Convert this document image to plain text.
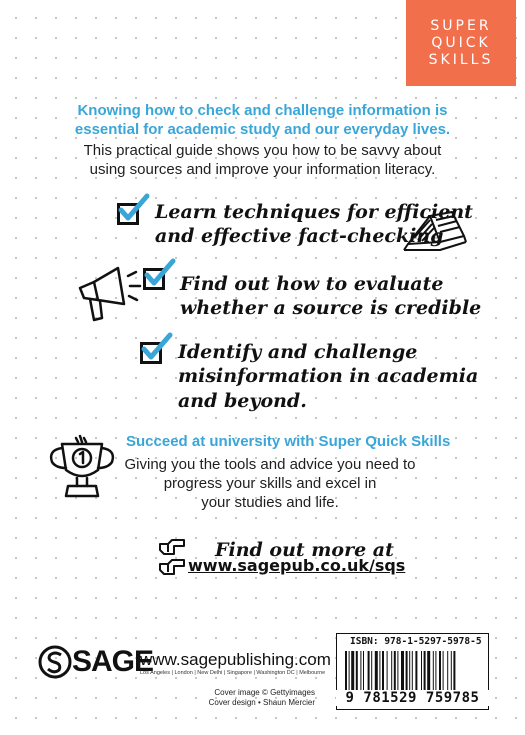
SUPER
QUICK
SKILLS
Knowing how to check and challenge information is
essential for academic study and our everyday lives.
This practical guide shows you how to be savvy about
using sources and improve your information literacy.
Learn techniques for efficient
and effective fact-checking
Find out how to evaluate
whether a source is credible
Identify and challenge
misinformation in academia
and beyond.
Succeed at university with Super Quick Skills
Giving you the tools and advice you need to
progress your skills and excel in
your studies and life.
Find out more at
www.sagepub.co.uk/sqs
SAGE
www.sagepublishing.com
Los Angeles | London | New Delhi | Singapore | Washington DC | Melbourne
Cover image © Gettyimages
Cover design • Shaun Mercier
ISBN: 978-1-5297-5978-5
9 781529 759785
